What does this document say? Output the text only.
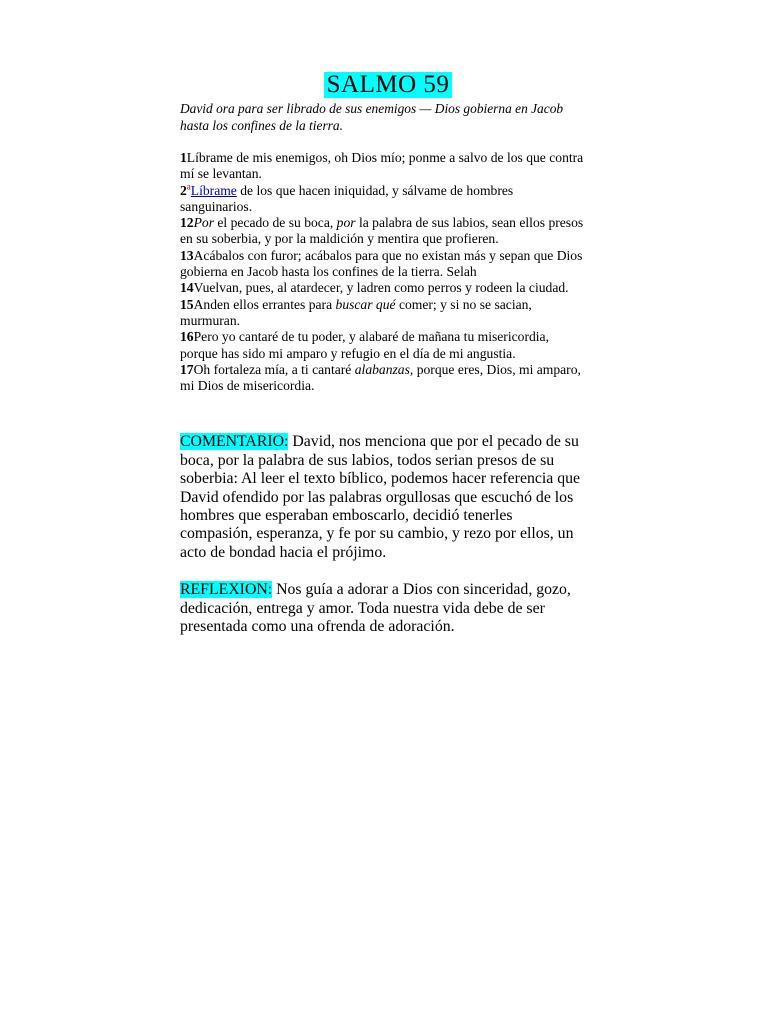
SALMO 59

David ora para ser librado de sus enemigos — Dios gobierna en Jacob hasta los confines de la tierra.

1Líbrame de mis enemigos, oh Dios mío; ponme a salvo de los que contra mí se levantan.

2$^a$Líbrame de los que hacen iniquidad, y sálvame de hombres sanguinarios.

12Por el pecado de su boca, por la palabra de sus labios, sean ellos presos en su soberbia, y por la maldición y mentira que profieren.

13Acábalos con furor; acábalos para que no existan más y sepan que Dios gobierna en Jacob hasta los confines de la tierra. Selah

14Vuelvan, pues, al atardecer, y ladren como perros y rodeen la ciudad.

15Anden ellos errantes para buscar qué comer; y si no se sacian, murmuran.

16Pero yo cantaré de tu poder, y alabaré de mañana tu misericordia, porque has sido mi amparo y refugio en el día de mi angustia.

17Oh fortaleza mía, a ti cantaré alabanzas, porque eres, Dios, mi amparo, mi Dios de misericordia.

COMENTARIO: David, nos menciona que por el pecado de su boca, por la palabra de sus labios, todos serian presos de su soberbia: Al leer el texto bíblico, podemos hacer referencia que David ofendido por las palabras orgullosas que escuchó de los hombres que esperaban emboscarlo, decidió tenerles compasión, esperanza, y fe por su cambio, y rezo por ellos, un acto de bondad hacia el prójimo.

REFLEXION: Nos guía a adorar a Dios con sinceridad, gozo, dedicación, entrega y amor. Toda nuestra vida debe de ser presentada como una ofrenda de adoración.
